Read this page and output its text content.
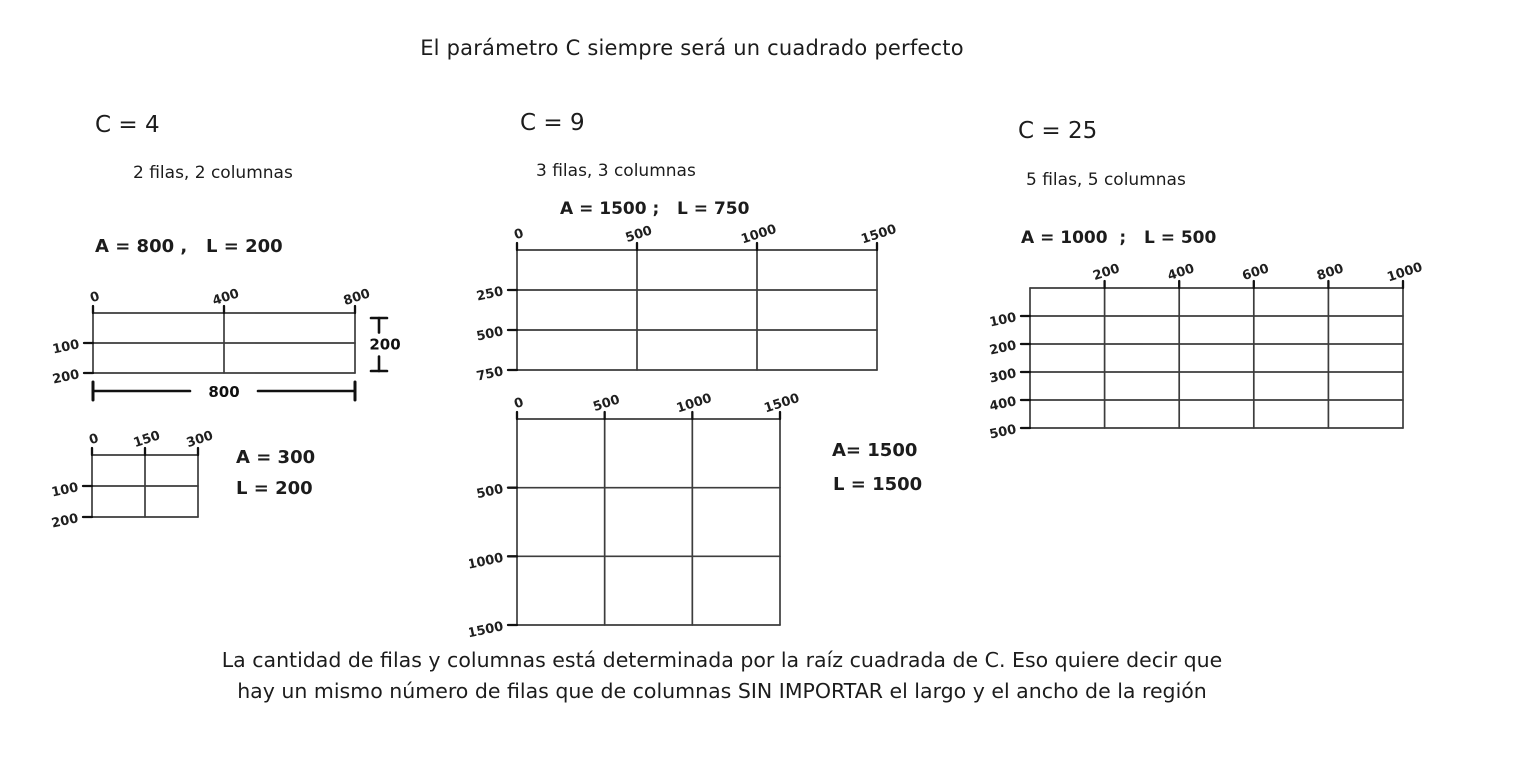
El parámetro C siempre será un cuadrado perfecto
C = 4
2 filas, 2 columnas
A = 800 ,   L = 200
0	400	800
100
200
200
800
0 150 300
100
200
A = 300
L = 200
C = 9
3 filas, 3 columnas
A = 1500 ;   L = 750
0	500	1000	1500
250
500
750
0	500	1000	1500
500
1000
1500
A= 1500
L = 1500
C = 25
5 filas, 5 columnas
A = 1000  ;   L = 500
200	400	600	800	1000
100
200
300
400
500
La cantidad de filas y columnas está determinada por la raíz cuadrada de C. Eso quiere decir que
hay un mismo número de filas que de columnas SIN IMPORTAR el largo y el ancho de la región
